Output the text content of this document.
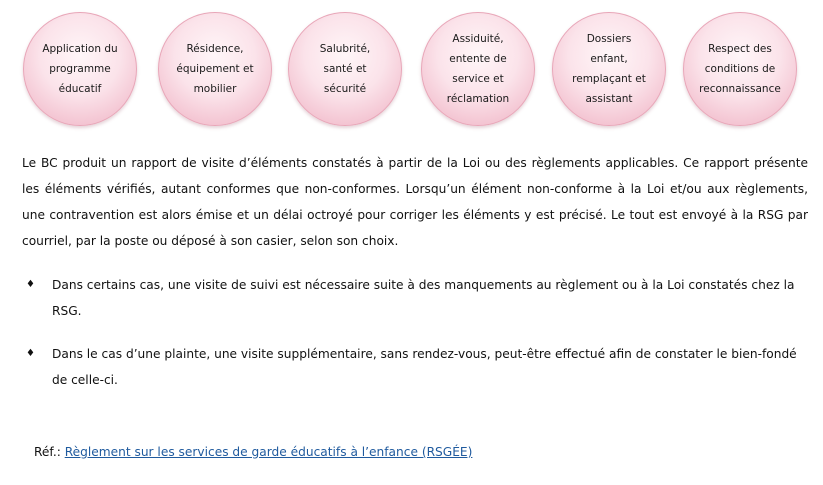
Application du
programme
éducatif
Résidence,
équipement et
mobilier
Salubrité,
santé et
sécurité
Assiduité,
entente de
service et
réclamation
Dossiers
enfant,
remplaçant et
assistant
Respect des
conditions de
reconnaissance

Le BC produit un rapport de visite d’éléments constatés à partir de la Loi ou des règlements applicables. Ce rapport présente les éléments vérifiés, autant conformes que non-conformes. Lorsqu’un élément non-conforme à la Loi et/ou aux règlements, une contravention est alors émise et un délai octroyé pour corriger les éléments y est précisé. Le tout est envoyé à la RSG par courriel, par la poste ou déposé à son casier, selon son choix.

♦ Dans certains cas, une visite de suivi est nécessaire suite à des manquements au règlement ou à la Loi constatés chez la RSG.
♦ Dans le cas d’une plainte, une visite supplémentaire, sans rendez-vous, peut-être effectué afin de constater le bien-fondé de celle-ci.
Réf.: Règlement sur les services de garde éducatifs à l’enfance (RSGÉE)
